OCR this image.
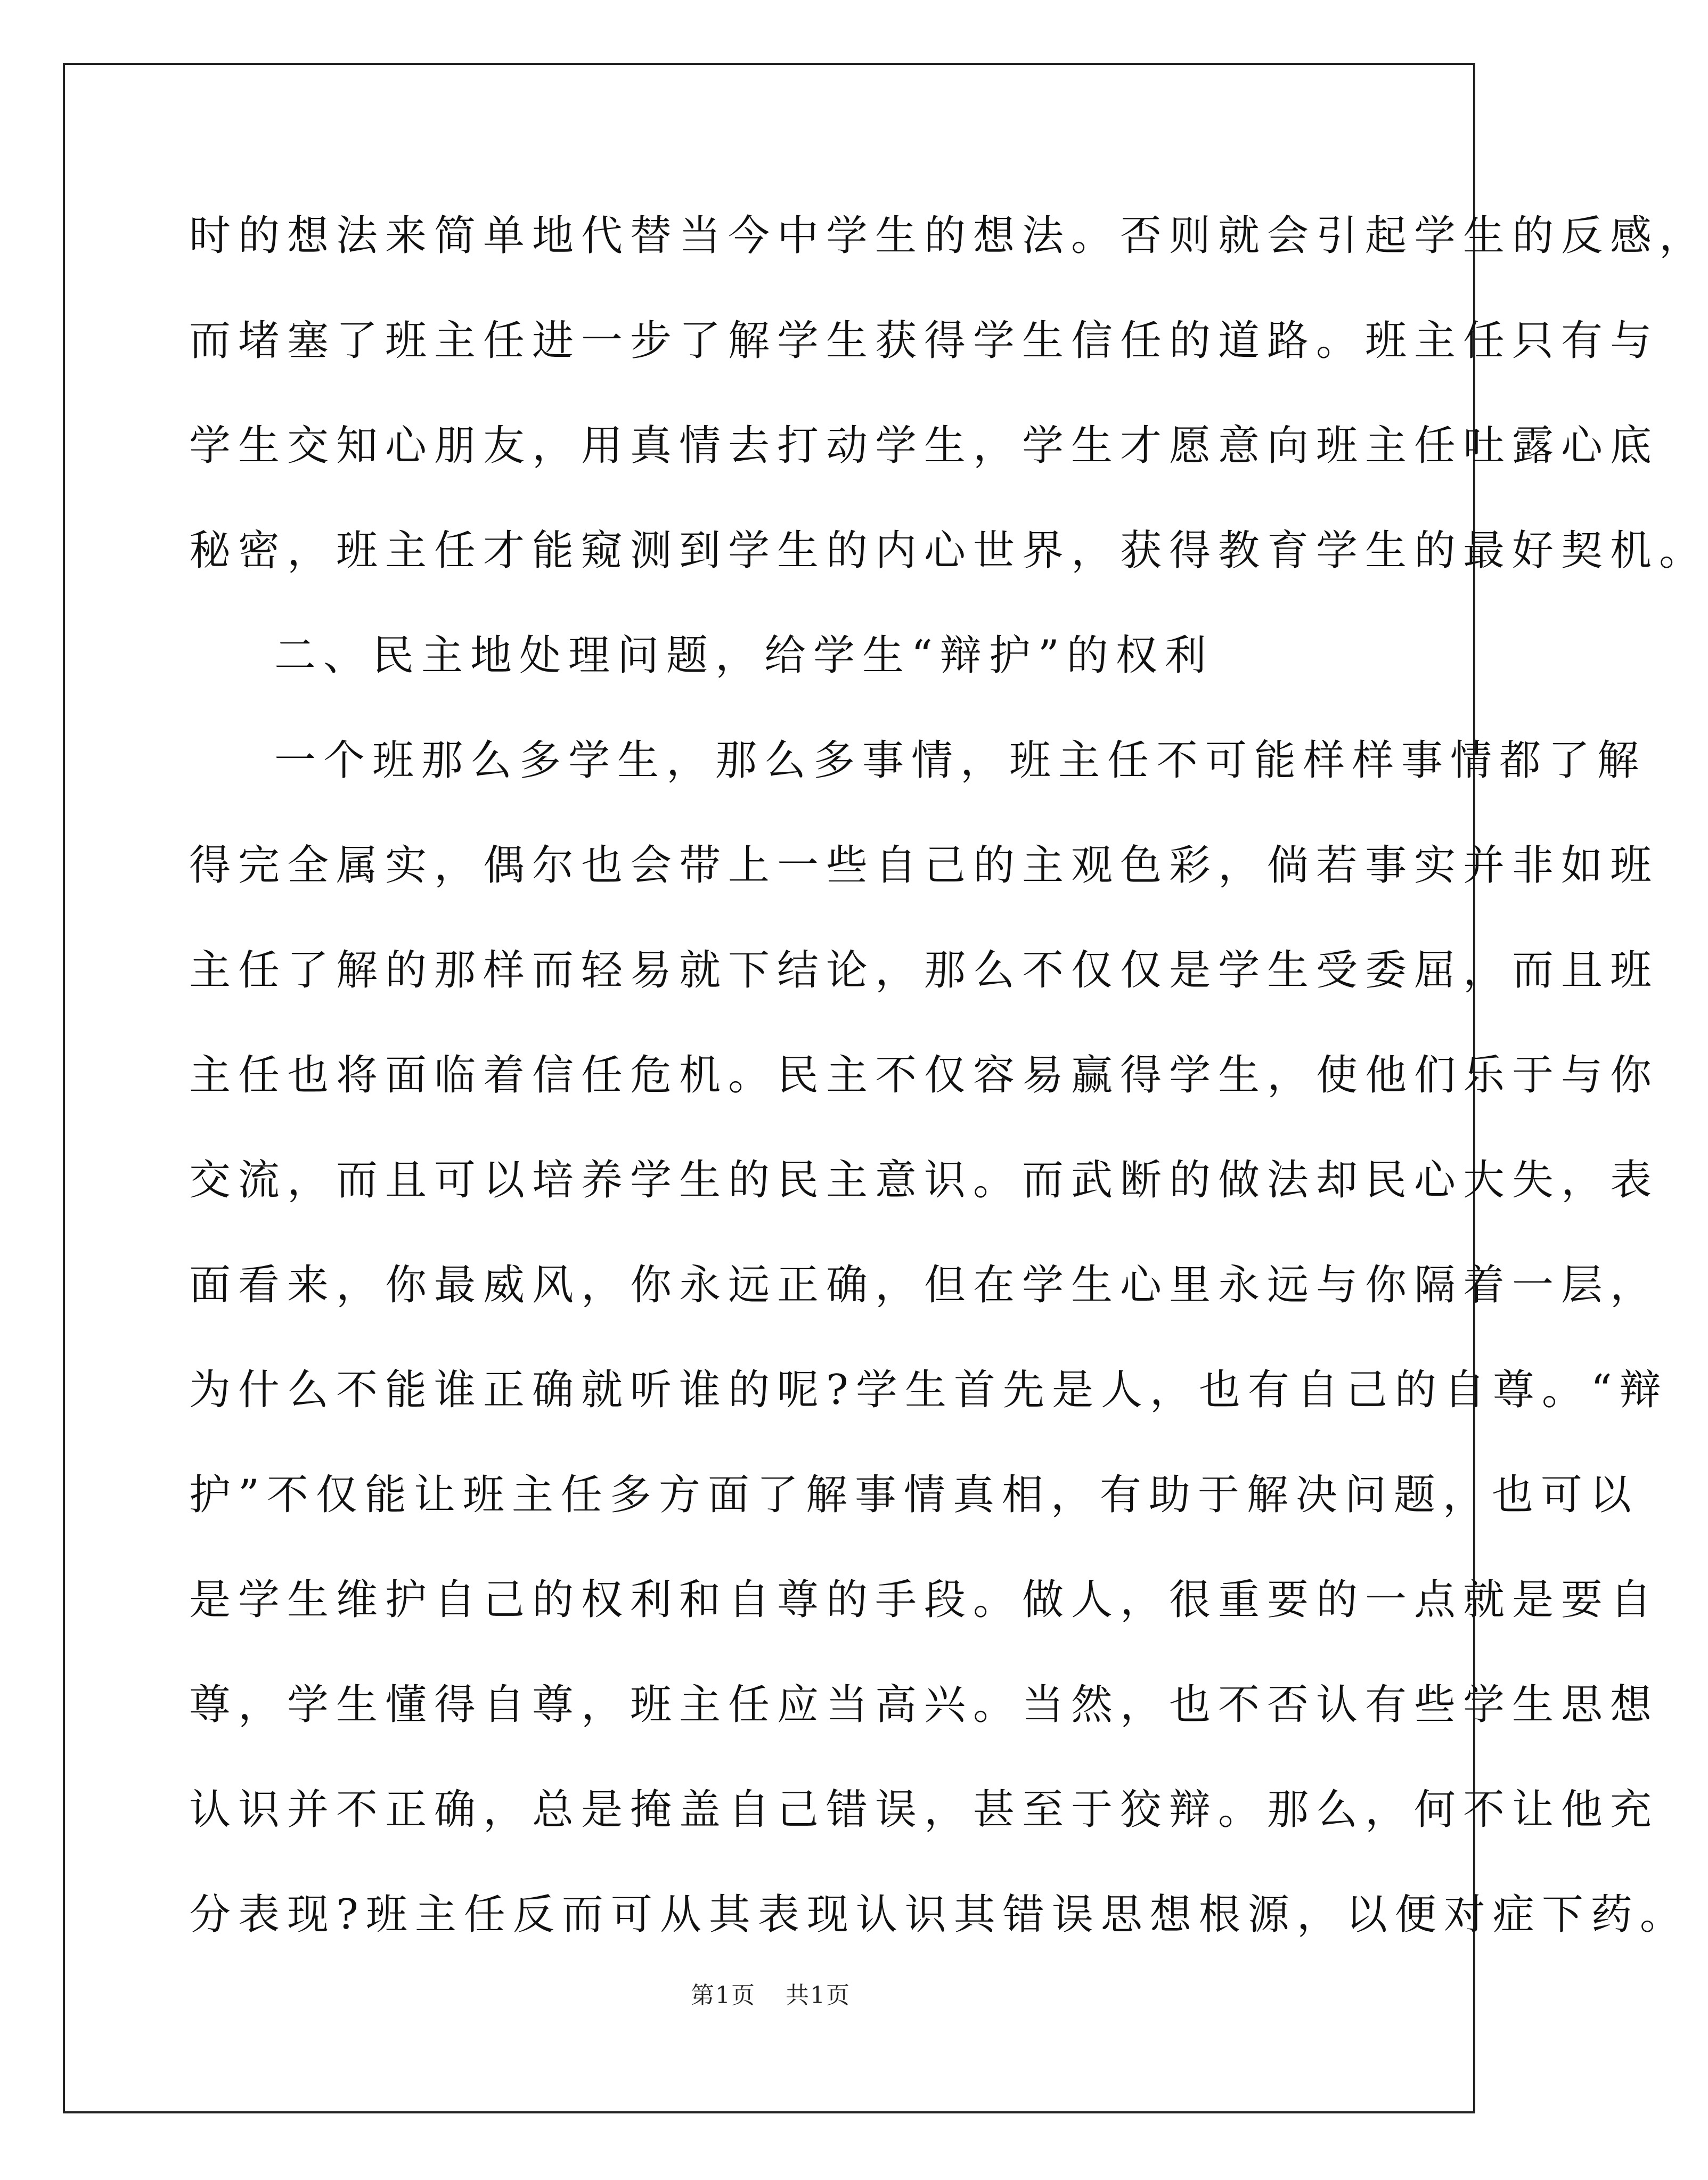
时的想法来简单地代替当今中学生的想法。否则就会引起学生的反感，
而堵塞了班主任进一步了解学生获得学生信任的道路。班主任只有与
学生交知心朋友，用真情去打动学生，学生才愿意向班主任吐露心底
秘密，班主任才能窥测到学生的内心世界，获得教育学生的最好契机。
二、民主地处理问题，给学生“辩护”的权利
一个班那么多学生，那么多事情，班主任不可能样样事情都了解
得完全属实，偶尔也会带上一些自己的主观色彩，倘若事实并非如班
主任了解的那样而轻易就下结论，那么不仅仅是学生受委屈，而且班
主任也将面临着信任危机。民主不仅容易赢得学生，使他们乐于与你
交流，而且可以培养学生的民主意识。而武断的做法却民心大失，表
面看来，你最威风，你永远正确，但在学生心里永远与你隔着一层，
为什么不能谁正确就听谁的呢?学生首先是人，也有自己的自尊。“辩
护”不仅能让班主任多方面了解事情真相，有助于解决问题，也可以
是学生维护自己的权利和自尊的手段。做人，很重要的一点就是要自
尊，学生懂得自尊，班主任应当高兴。当然，也不否认有些学生思想
认识并不正确，总是掩盖自己错误，甚至于狡辩。那么，何不让他充
分表现?班主任反而可从其表现认识其错误思想根源，以便对症下药。
第1页 共1页
